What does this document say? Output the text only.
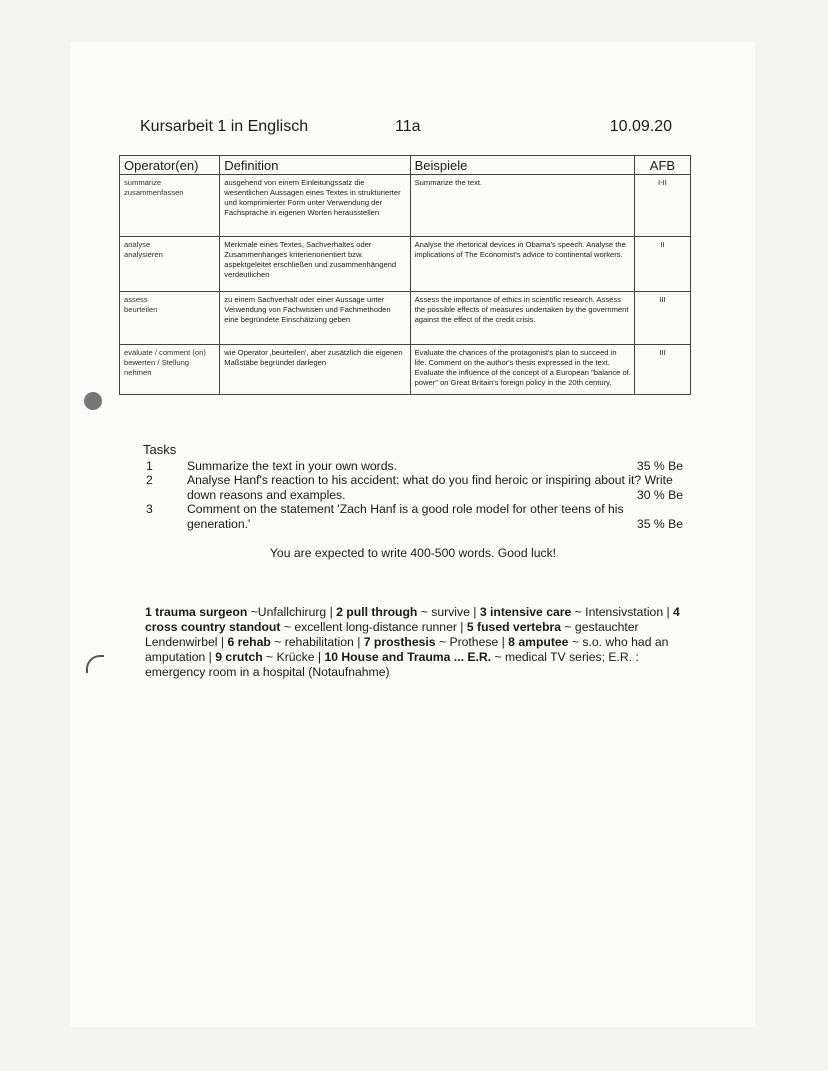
Kursarbeit 1 in Englisch	11a	10.09.20
Operator(en)	Definition	Beispiele	AFB

summarize
zusammenfassen	ausgehend von einem Einleitungssatz die wesentlichen Aussagen eines Textes in strukturierter und komprimierter Form unter Verwendung der Fachsprache in eigenen Worten herausstellen	Summarize the text.	I-II

analyse
analysieren	Merkmale eines Textes, Sachverhaltes oder Zusammenhanges kriterienorientiert bzw. aspektgeleitet erschließen und zusammenhängend verdeutlichen	Analyse the rhetorical devices in Obama's speech. Analyse the implications of The Economist's advice to continental workers.	II

assess
beurteilen	zu einem Sachverhalt oder einer Aussage unter Verwendung von Fachwissen und Fachmethoden eine begründete Einschätzung geben	Assess the importance of ethics in scientific research. Assess the possible effects of measures undertaken by the government against the effect of the credit crisis.	III

evaluate / comment (on)
bewerten / Stellung nehmen	wie Operator ‚beurteilen', aber zusätzlich die eigenen Maßstäbe begründet darlegen	Evaluate the chances of the protagonist's plan to succeed in life. Comment on the author's thesis expressed in the text. Evaluate the influence of the concept of a European "balance of power" on Great Britain's foreign policy in the 20th century.	III
Tasks
1	Summarize the text in your own words.	35 % Be
2	Analyse Hanf's reaction to his accident: what do you find heroic or inspiring about it? Write down reasons and examples.	30 % Be
3	Comment on the statement 'Zach Hanf is a good role model for other teens of his generation.'	35 % Be
You are expected to write 400-500 words. Good luck!
1 trauma surgeon ~Unfallchirurg | 2 pull through ~ survive | 3 intensive care ~ Intensivstation | 4 cross country standout ~ excellent long-distance runner | 5 fused vertebra ~ gestauchter Lendenwirbel | 6 rehab ~ rehabilitation | 7 prosthesis ~ Prothese | 8 amputee ~ s.o. who had an amputation | 9 crutch ~ Krücke | 10 House and Trauma ... E.R. ~ medical TV series; E.R. : emergency room in a hospital (Notaufnahme)
